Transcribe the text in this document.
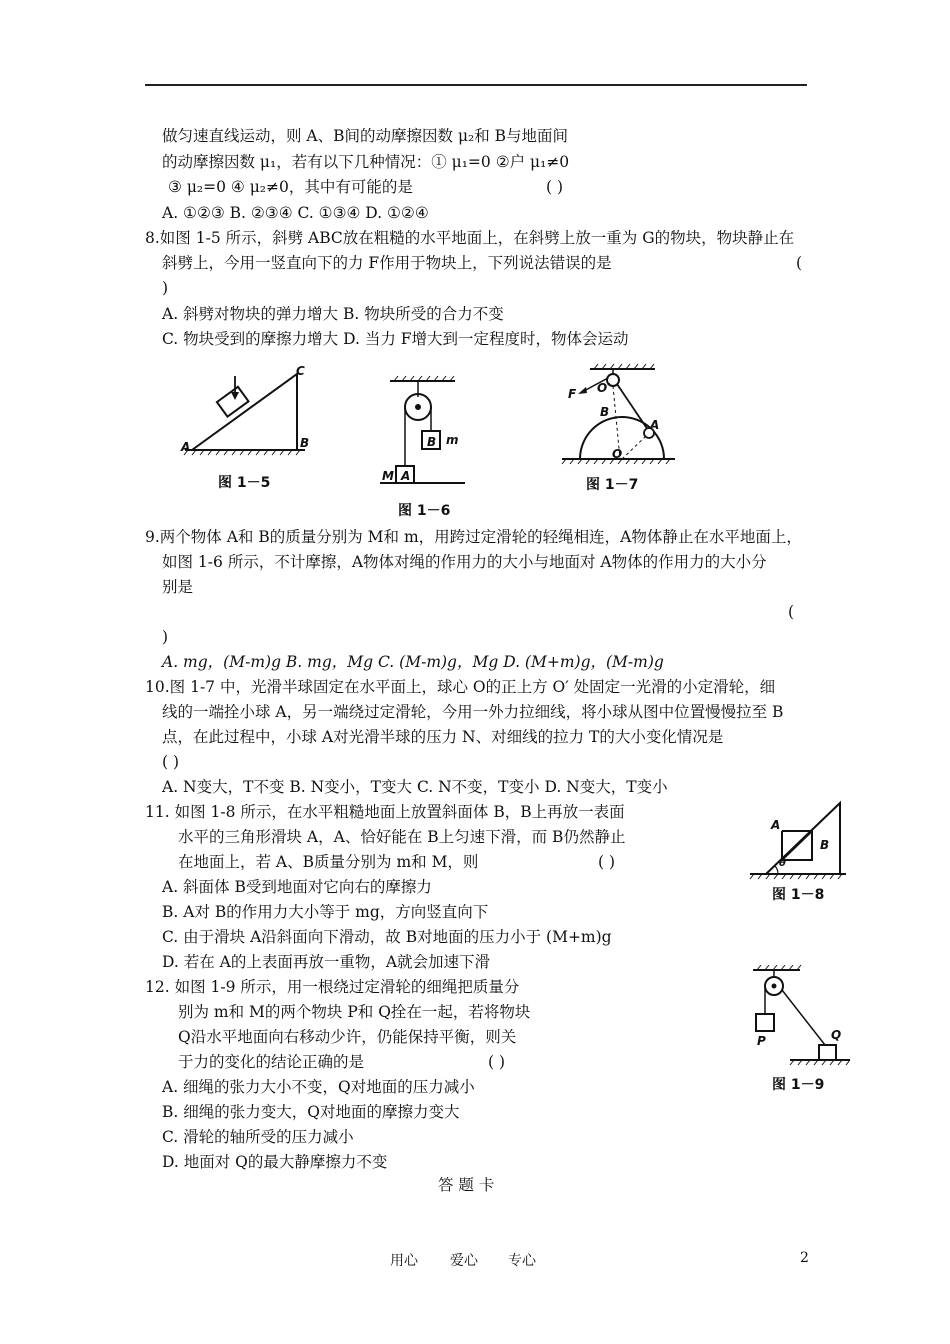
做匀速直线运动，则 A、B间的动摩擦因数 μ₂和 B与地面间
的动摩擦因数 μ₁，若有以下几种情况：① μ₁=0 ②户 μ₁≠0
③ μ₂=0 ④ μ₂≠0，其中有可能的是	( )
A. ①②③ B. ②③④ C. ①③④ D. ①②④
8.如图 1-5 所示，斜劈 ABC放在粗糙的水平地面上，在斜劈上放一重为 G的物块，物块静止在
斜劈上，今用一竖直向下的力 F作用于物块上，下列说法错误的是	(
)
A. 斜劈对物块的弹力增大 B. 物块所受的合力不变
C. 物块受到的摩擦力增大 D. 当力 F增大到一定程度时，物体会运动
A	B
C
图 1－5
B m
M A
图 1－6
F O′
B
A
O
图 1－7
9.两个物体 A和 B的质量分别为 M和 m，用跨过定滑轮的轻绳相连，A物体静止在水平地面上，
如图 1-6 所示，不计摩擦，A物体对绳的作用力的大小与地面对 A物体的作用力的大小分
别是
(
)
A. mg，(M-m)g B. mg，Mg C. (M-m)g，Mg D. (M+m)g，(M-m)g
10.图 1-7 中，光滑半球固定在水平面上，球心 O的正上方 O′ 处固定一光滑的小定滑轮，细
线的一端拴小球 A，另一端绕过定滑轮，今用一外力拉细线，将小球从图中位置慢慢拉至 B
点，在此过程中，小球 A对光滑半球的压力 N、对细线的拉力 T的大小变化情况是
( )
A. N变大，T不变 B. N变小，T变大 C. N不变，T变小 D. N变大，T变小
11. 如图 1-8 所示，在水平粗糙地面上放置斜面体 B，B上再放一表面
水平的三角形滑块 A，A、恰好能在 B上匀速下滑，而 B仍然静止
在地面上，若 A、B质量分别为 m和 M，则	( )
A. 斜面体 B受到地面对它向右的摩擦力
B. A对 B的作用力大小等于 mg，方向竖直向下
C. 由于滑块 A沿斜面向下滑动，故 B对地面的压力小于 (M+m)g
D. 若在 A的上表面再放一重物，A就会加速下滑
A
B
θ
图 1－8
12. 如图 1-9 所示，用一根绕过定滑轮的细绳把质量分
别为 m和 M的两个物块 P和 Q拴在一起，若将物块
Q沿水平地面向右移动少许，仍能保持平衡，则关
于力的变化的结论正确的是	( )
A. 细绳的张力大小不变，Q对地面的压力减小
B. 细绳的张力变大，Q对地面的摩擦力变大
C. 滑轮的轴所受的压力减小
D. 地面对 Q的最大静摩擦力不变
P	Q
图 1－9
答 题 卡
用心 爱心 专心	2
